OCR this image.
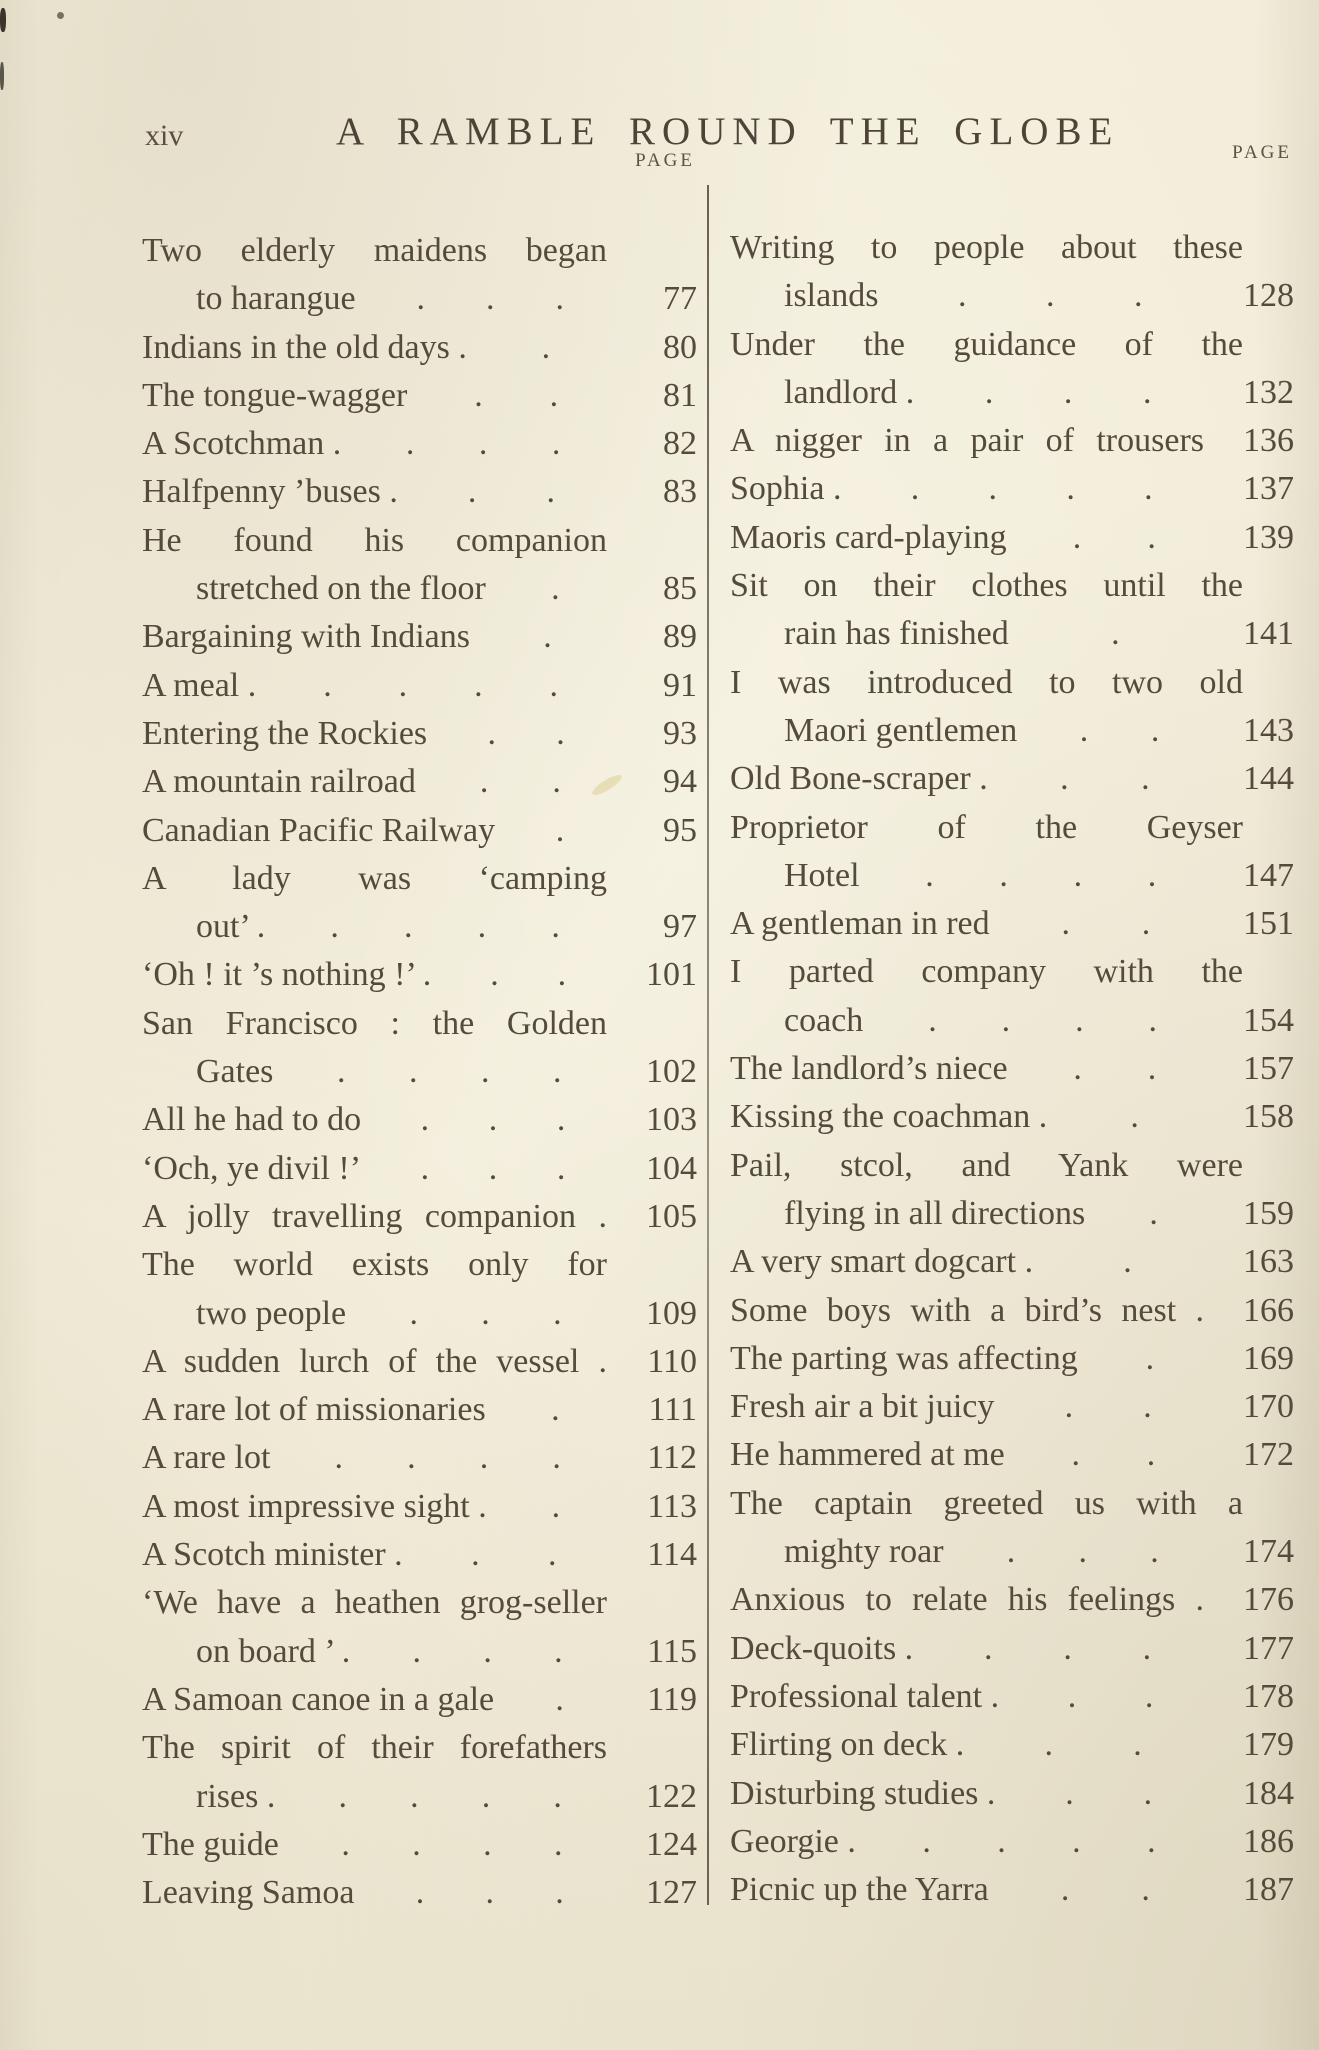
xiv	A RAMBLE ROUND THE GLOBE
PAGE
Two elderly maidens began
to harangue . . .	77
Indians in the old days . .	80
The tongue-wagger . .	81
A Scotchman . . . .	82
Halfpenny ’buses . . .	83
He found his companion
stretched on the floor .	85
Bargaining with Indians .	89
A meal . . . . .	91
Entering the Rockies . .	93
A mountain railroad . .	94
Canadian Pacific Railway .	95
A lady was ‘camping
out’ . . . . .	97
‘Oh ! it ’s nothing !’ . . .	101
San Francisco : the Golden
Gates . . . .	102
All he had to do . . .	103
‘Och, ye divil !’ . . .	104
A jolly travelling companion .	105
The world exists only for
two people . . .	109
A sudden lurch of the vessel .	110
A rare lot of missionaries .	111
A rare lot . . . .	112
A most impressive sight . .	113
A Scotch minister . . .	114
‘We have a heathen grog-seller
on board ’ . . . .	115
A Samoan canoe in a gale .	119
The spirit of their forefathers
rises . . . . .	122
The guide . . . .	124
Leaving Samoa . . .	127
PAGE
Writing to people about these
islands . . .	128
Under the guidance of the
landlord . . . .	132
A nigger in a pair of trousers	136
Sophia . . . . .	137
Maoris card-playing . .	139
Sit on their clothes until the
rain has finished	.	141
I was introduced to two old
Maori gentlemen . .	143
Old Bone-scraper . . .	144
Proprietor of the Geyser
Hotel . . . .	147
A gentleman in red . .	151
I parted company with the
coach . . . .	154
The landlord’s niece . .	157
Kissing the coachman . .	158
Pail, stcol, and Yank were
flying in all directions .	159
A very smart dogcart .	.	163
Some boys with a bird’s nest .	166
The parting was affecting .	169
Fresh air a bit juicy . .	170
He hammered at me . .	172
The captain greeted us with a
mighty roar . . .	174
Anxious to relate his feelings .	176
Deck-quoits . . . .	177
Professional talent . . .	178
Flirting on deck . . .	179
Disturbing studies . . .	184
Georgie . . . . .	186
Picnic up the Yarra . .	187
